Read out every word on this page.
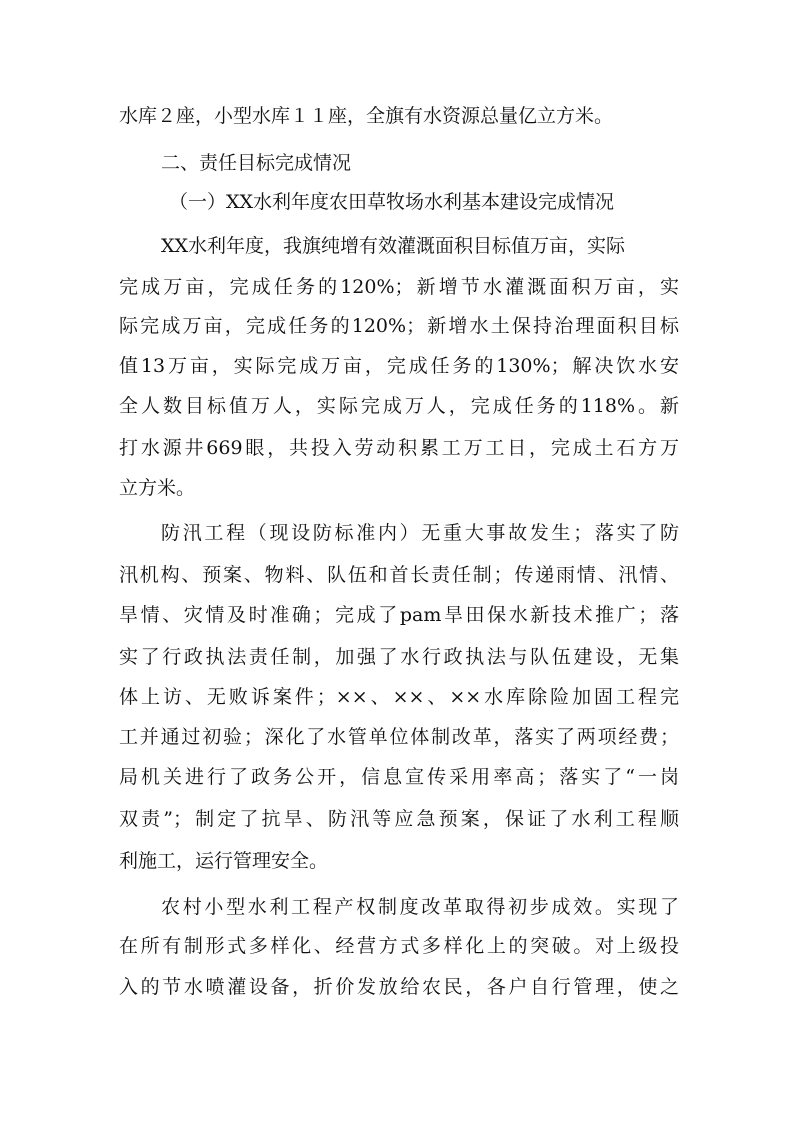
水库２座，小型水库１１座，全旗有水资源总量亿立方米。
二、责任目标完成情况
（一）XX水利年度农田草牧场水利基本建设完成情况
XX水利年度，我旗纯增有效灌溉面积目标值万亩，实际
完成万亩，完成任务的120%；新增节水灌溉面积万亩，实
际完成万亩，完成任务的120%；新增水土保持治理面积目标
值13万亩，实际完成万亩，完成任务的130%；解决饮水安
全人数目标值万人，实际完成万人，完成任务的118%。新
打水源井669眼，共投入劳动积累工万工日，完成土石方万
立方米。
防汛工程（现设防标准内）无重大事故发生；落实了防
汛机构、预案、物料、队伍和首长责任制；传递雨情、汛情、
旱情、灾情及时准确；完成了pam旱田保水新技术推广；落
实了行政执法责任制，加强了水行政执法与队伍建设，无集
体上访、无败诉案件；××、××、××水库除险加固工程完
工并通过初验；深化了水管单位体制改革，落实了两项经费；
局机关进行了政务公开，信息宣传采用率高；落实了“一岗
双责”；制定了抗旱、防汛等应急预案，保证了水利工程顺
利施工，运行管理安全。
农村小型水利工程产权制度改革取得初步成效。实现了
在所有制形式多样化、经营方式多样化上的突破。对上级投
入的节水喷灌设备，折价发放给农民，各户自行管理，使之
